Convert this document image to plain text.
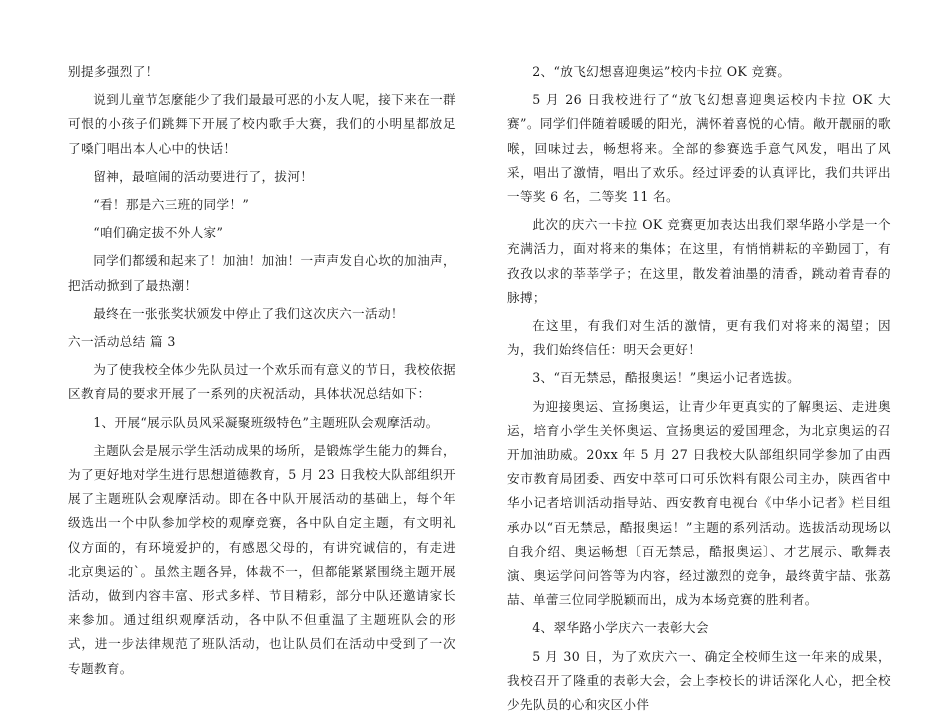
别提多强烈了！

说到儿童节怎麼能少了我们最最可恶的小友人呢，接下来在一群可恨的小孩子们跳舞下开展了校内歌手大赛，我们的小明星都放足了嗓门唱出本人心中的快话！

留神，最喧闹的活动要进行了，拔河！

“看！那是六三班的同学！”

“咱们确定拔不外人家”

同学们都缓和起来了！加油！加油！一声声发自心坎的加油声，把活动掀到了最热潮！

最终在一张张奖状颁发中停止了我们这次庆六一活动！

六一活动总结 篇 3

为了使我校全体少先队员过一个欢乐而有意义的节日，我校依据区教育局的要求开展了一系列的庆祝活动，具体状况总结如下：

1、开展“展示队员风采凝聚班级特色”主题班队会观摩活动。

主题队会是展示学生活动成果的场所，是锻炼学生能力的舞台，为了更好地对学生进行思想道德教育，5 月 23 日我校大队部组织开展了主题班队会观摩活动。即在各中队开展活动的基础上，每个年级选出一个中队参加学校的观摩竞赛，各中队自定主题，有文明礼仪方面的，有环境爱护的，有感恩父母的，有讲究诚信的，有走进北京奥运的`。虽然主题各异，体裁不一，但都能紧紧围绕主题开展活动，做到内容丰富、形式多样、节目精彩，部分中队还邀请家长来参加。通过组织观摩活动，各中队不但重温了主题班队会的形式，进一步法律规范了班队活动，也让队员们在活动中受到了一次专题教育。

2、“放飞幻想喜迎奥运”校内卡拉 OK 竞赛。

5 月 26 日我校进行了“放飞幻想喜迎奥运校内卡拉 OK 大赛”。同学们伴随着暖暖的阳光，满怀着喜悦的心情。敞开靓丽的歌喉，回味过去，畅想将来。全部的参赛选手意气风发，唱出了风采，唱出了激情，唱出了欢乐。经过评委的认真评比，我们共评出一等奖 6 名，二等奖 11 名。

此次的庆六一卡拉 OK 竞赛更加表达出我们翠华路小学是一个充满活力，面对将来的集体；在这里，有悄悄耕耘的辛勤园丁，有孜孜以求的莘莘学子；在这里，散发着油墨的清香，跳动着青春的脉搏；

在这里，有我们对生活的激情，更有我们对将来的渴望；因为，我们始终信任：明天会更好！

3、“百无禁忌，酷报奥运！”奥运小记者选拔。

为迎接奥运、宣扬奥运，让青少年更真实的了解奥运、走进奥运，培育小学生关怀奥运、宣扬奥运的爱国理念，为北京奥运的召开加油助威。20xx 年 5 月 27 日我校大队部组织同学参加了由西安市教育局团委、西安中萃可口可乐饮料有限公司主办，陕西省中华小记者培训活动指导站、西安教育电视台《中华小记者》栏目组承办以“百无禁忌，酷报奥运！”主题的系列活动。选拔活动现场以自我介绍、奥运畅想〔百无禁忌，酷报奥运〕、才艺展示、歌舞表演、奥运学问问答等为内容，经过激烈的竞争，最终黄宇喆、张荔喆、单蕾三位同学脱颖而出，成为本场竞赛的胜利者。

4、翠华路小学庆六一表彰大会

5 月 30 日，为了欢庆六一、确定全校师生这一年来的成果，我校召开了隆重的表彰大会，会上李校长的讲话深化人心，把全校少先队员的心和灾区小伴
